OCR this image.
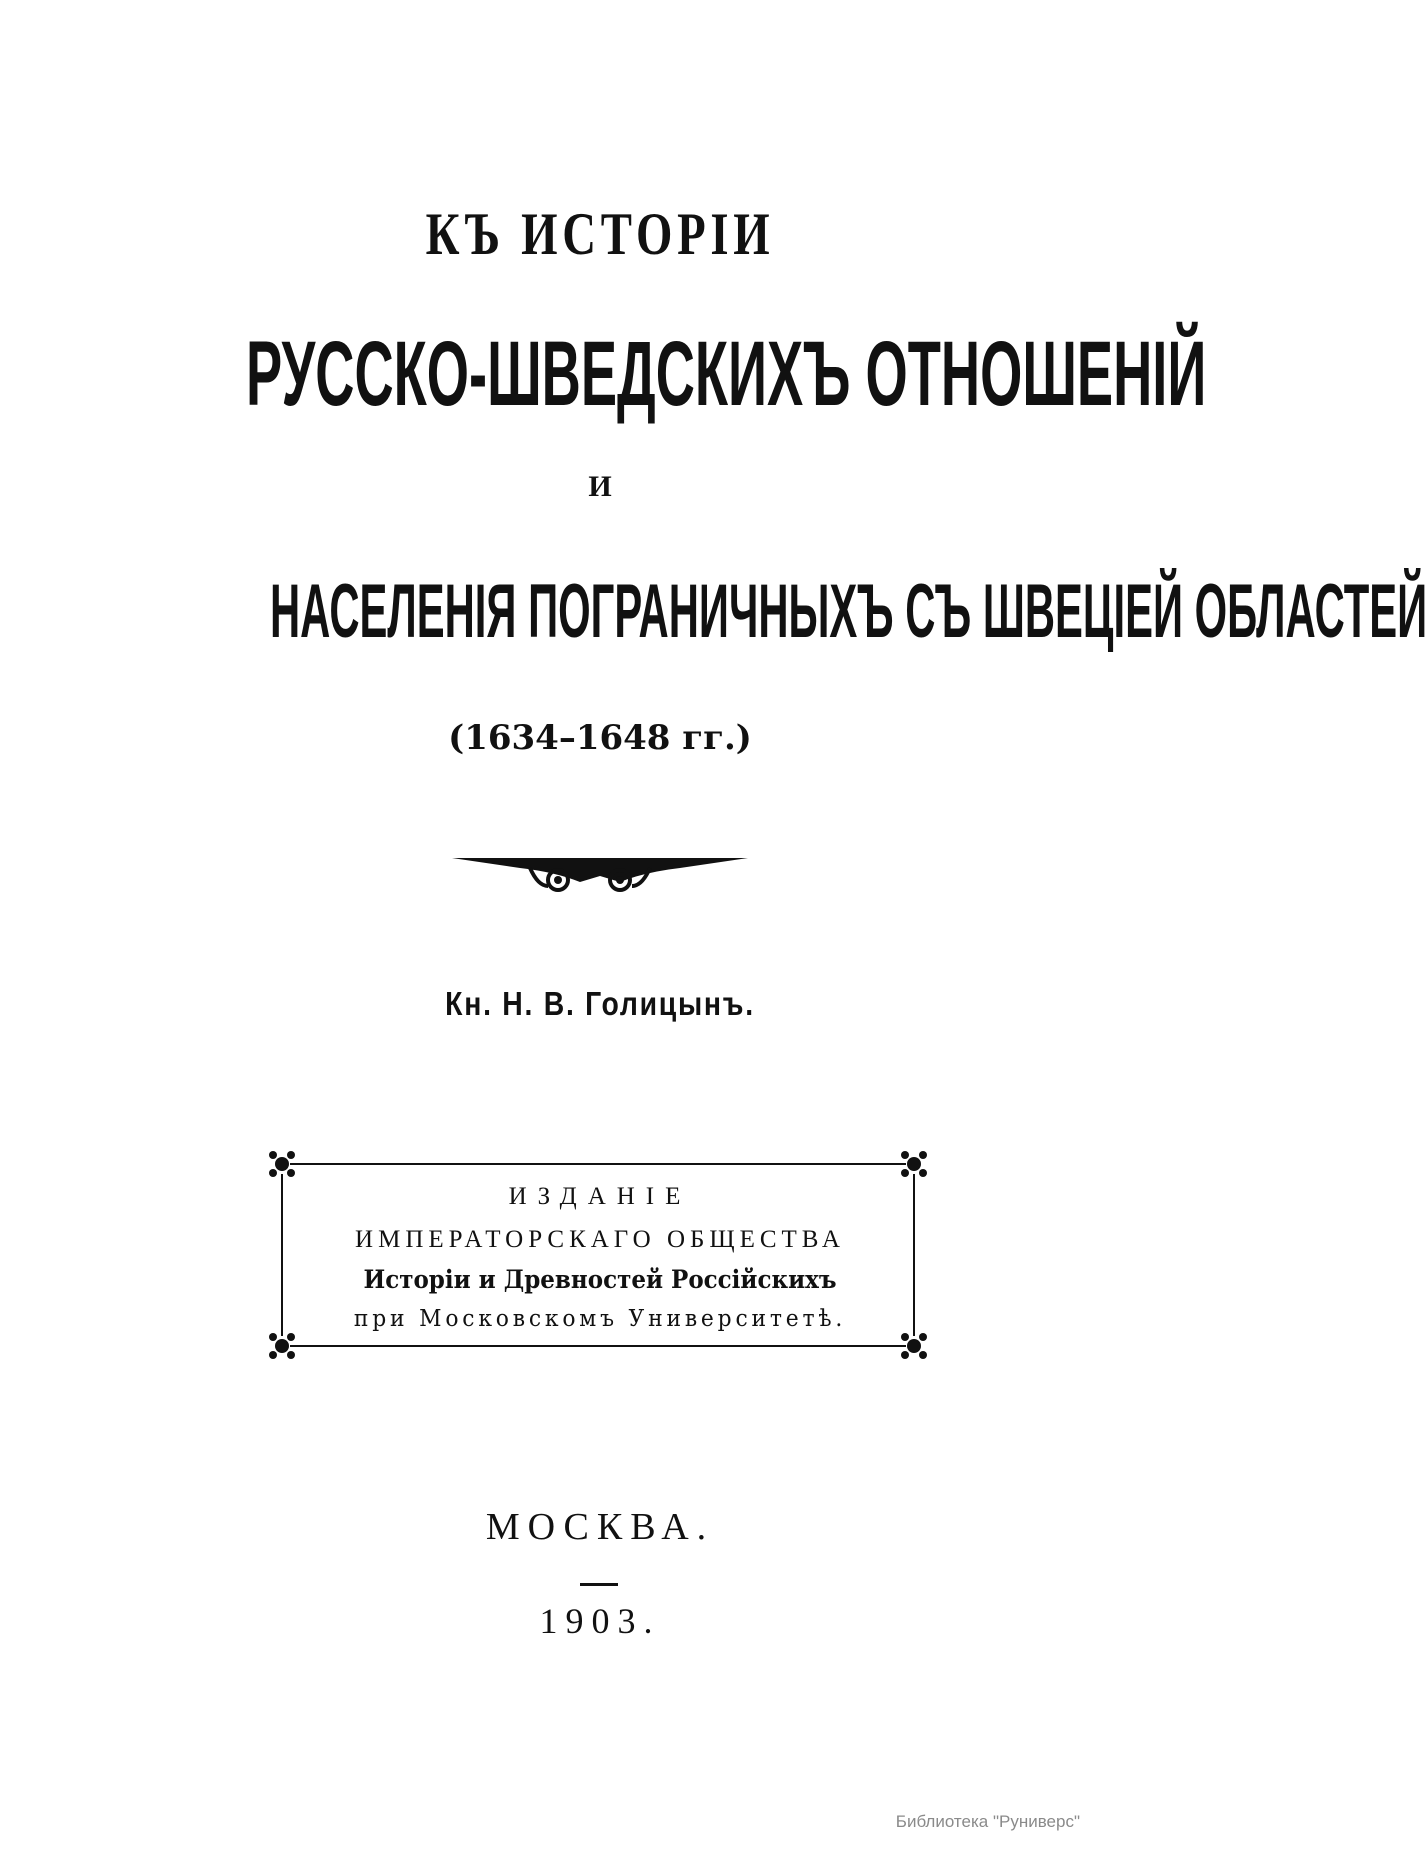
КЪ ИСТОРІИ
РУССКО-ШВЕДСКИХЪ ОТНОШЕНІЙ
И
НАСЕЛЕНІЯ ПОГРАНИЧНЫХЪ СЪ ШВЕЦІЕЙ ОБЛАСТЕЙ
(1634–1648 гг.)
Кн. Н. В. Голицынъ.
ИЗДАНІЕ
ИМПЕРАТОРСКАГО ОБЩЕСТВА
Исторіи и Древностей Россійскихъ
при Московскомъ Университетѣ.
МОСКВА.
1903.
Библиотека "Руниверс"
